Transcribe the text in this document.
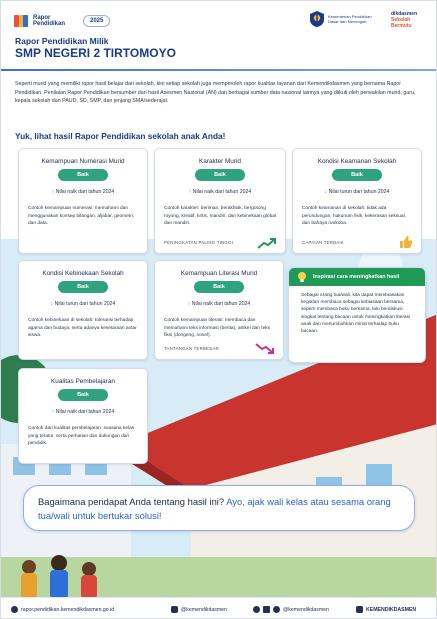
Rapor Pendidikan	2025
Kementerian Pendidikan Dasar dan Menengah
dikdasmen
Sekolah Bermutu
Rapor Pendidikan Milik
SMP NEGERI 2 TIRTOMOYO
Seperti murid yang memiliki rapor hasil belajar dari sekolah, kini setiap sekolah juga memperoleh rapor kualitas layanan dari Kemendikdasmen yang bernama Rapor Pendidikan. Penilaian Rapor Pendidikan bersumber dari hasil Asesmen Nasional (AN) dan berbagai sumber data nasional lainnya yang diikuti oleh perwakilan murid, guru, kepala sekolah dan PAUD, SD, SMP, dan jenjang SMA/sederajat.
Yuk, lihat hasil Rapor Pendidikan sekolah anak Anda!
Kemampuan Numerasi Murid
Baik
↑ Nilai naik dari tahun 2024
Contoh kemampuan numerasi: memahami dan menggunakan konsep bilangan, aljabar, geometri, dan data.
Karakter Murid
Baik
↑ Nilai naik dari tahun 2024
Contoh karakter: beriman, berakhlak, bergotong royong, kreatif, kritis, mandiri, dan kebinekaan global dan mandiri.
PENINGKATAN PALING TINGGI
Kondisi Keamanan Sekolah
Baik
↓ Nilai turun dari tahun 2024
Contoh keamanan di sekolah: tidak ada perundungan, hukuman fisik, kekerasan seksual, dan bahaya narkoba.
CAPAIAN TERBAIK
Kondisi Kebinekaan Sekolah
Baik
↓ Nilai turun dari tahun 2024
Contoh kebinekaan di sekolah: toleransi terhadap agama dan budaya, serta adanya kesetaraan antar siswa.
Kemampuan Literasi Murid
Baik
↑ Nilai naik dari tahun 2024
Contoh kemampuan literasi: membaca dan memahami teks informasi (berita), artikel dan teks fiksi (dongeng, novel).
TANTANGAN TERBESAR
Kualitas Pembelajaran
Baik
↑ Nilai naik dari tahun 2024
Contoh dari kualitas pembelajaran: suasana kelas yang teratur, serta perhatian dan dukungan dari pendidik.
Inspirasi cara meningkatkan hasil
Sebagai orang tua/wali, kita dapat membiasakan kegiatan membaca sebagai kebiasaan bersama, seperti membaca buku bersama, lalu berdiskusi singkat tentang bacaan untuk meningkatkan literasi anak dan menumbuhkan minat terhadap buku bacaan.
Bagaimana pendapat Anda tentang hasil ini? Ayo, ajak wali kelas atau sesama orang tua/wali untuk bertukar solusi!
rapor.pendidikan.kemendikdasmen.go.id	@kemendikdasmen	@kemendikdasmen	KEMENDIKDASMEN
